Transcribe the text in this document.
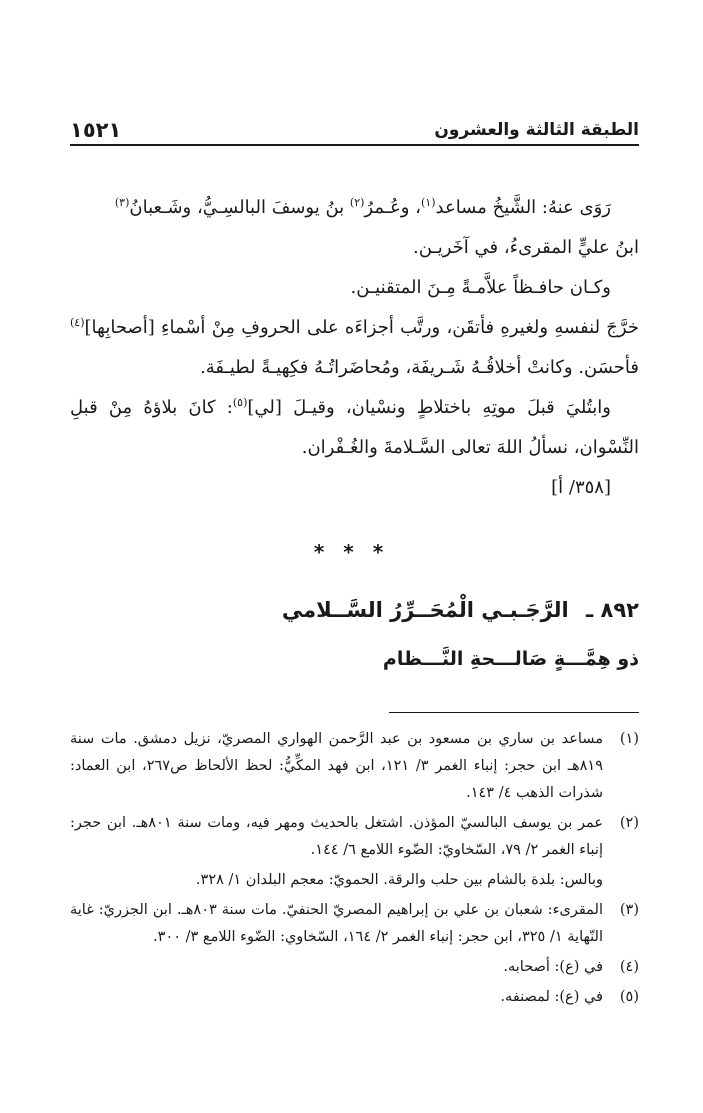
الطبقة الثالثة والعشرون
١٥٢١

رَوَى عنهُ: الشَّيخُ مساعد$^{(١)}$، وعُـمرُ$^{(٢)}$ بنُ يوسفَ البالسِـيُّ، وشَـعبانُ$^{(٣)}$
ابنُ عليٍّ المقرىءُ، في آخَريـن.

وكـان حافـظاً علاَّمـةً مِـنَ المتقنيـن.

خرَّجَ لنفسهِ ولغيرهِ فأتقَن، ورتَّب أجزاءَه على الحروفِ مِنْ أسْماءِ [أصحابِها]$^{(٤)}$ فأحسَن. وكانتْ أخلاقُـهُ شَـريفَة، ومُحاضَراتُـهُ فكِهيـةً لطيـفَة.

وابتُليَ قبلَ موتِهِ باختلاطٍ ونسْيان، وقيـلَ [لي]$^{(٥)}$: كانَ بلاؤهُ مِنْ قبلِ النِّسْوان، نسألُ اللهَ تعالى السَّـلامةَ والغُـفْران.

[٣٥٨/ أ]

* * *
٨٩٢ ـ الرَّجَـبـي الْمُحَــرِّرُ السَّــلامي
ذو هِمَّـــةٍ صَالـــحةِ النَّـــظام
(١)
مساعد بن ساري بن مسعود بن عبد الرَّحمن الهواري المصريّ، نزيل دمشق. مات سنة ٨١٩هـ ابن حجر: إنباء الغمر ٣/ ١٢١، ابن فهد المكِّيُّ: لحظ الألحاظ ص٢٦٧، ابن العماد: شذرات الذهب ٤/ ١٤٣.
(٢)
عمر بن يوسف البالسيّ المؤذن. اشتغل بالحديث ومهر فيه، ومات سنة ٨٠١هـ. ابن حجر: إنباء الغمر ٢/ ٧٩، السّخاويّ: الضّوء اللامع ٦/ ١٤٤.
وبالس: بلدة بالشام بين حلب والرقة. الحمويّ: معجم البلدان ١/ ٣٢٨.
(٣)
المقرىء: شعبان بن علي بن إبراهيم المصريّ الحنفيّ. مات سنة ٨٠٣هـ. ابن الجزريّ: غاية النّهاية ١/ ٣٢٥، ابن حجر: إنباء الغمر ٢/ ١٦٤، السّخاوي: الضّوء اللامع ٣/ ٣٠٠.
(٤)
في (ع): أصحابه.
(٥)
في (ع): لمصنفه.
